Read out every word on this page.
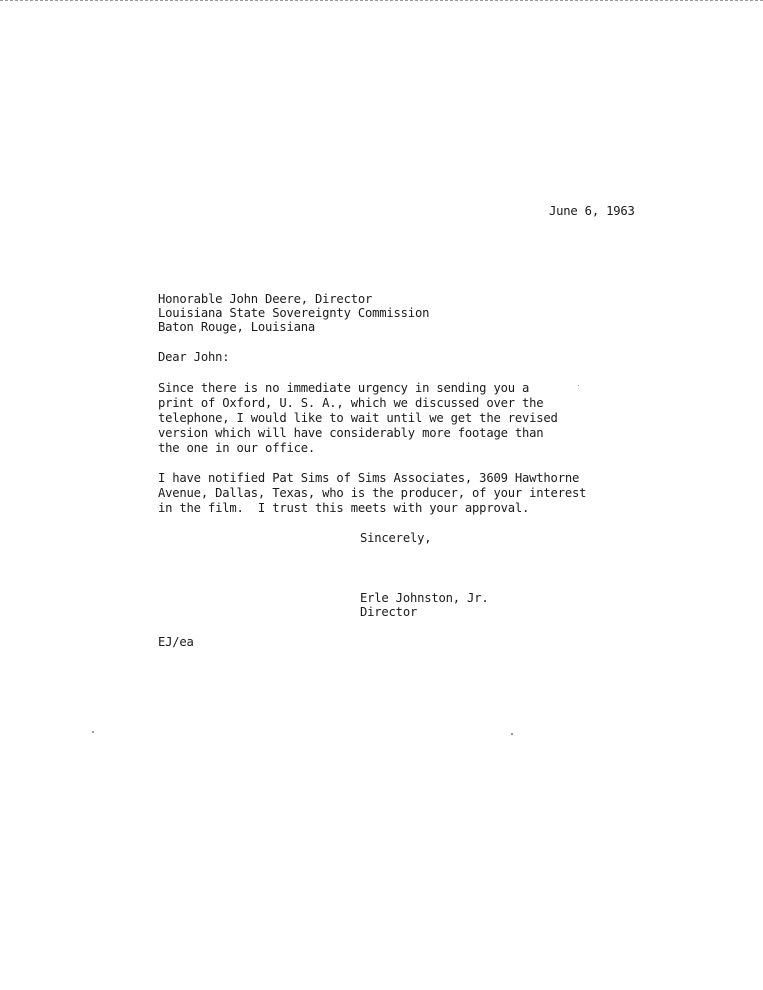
June 6, 1963

Honorable John Deere, Director

Louisiana State Sovereignty Commission

Baton Rouge, Louisiana

Dear John:

Since there is no immediate urgency in sending you a

print of Oxford, U. S. A., which we discussed over the

telephone, I would like to wait until we get the revised

version which will have considerably more footage than

the one in our office.

I have notified Pat Sims of Sims Associates, 3609 Hawthorne

Avenue, Dallas, Texas, who is the producer, of your interest

in the film.  I trust this meets with your approval.

Sincerely,

Erle Johnston, Jr.

Director

EJ/ea
